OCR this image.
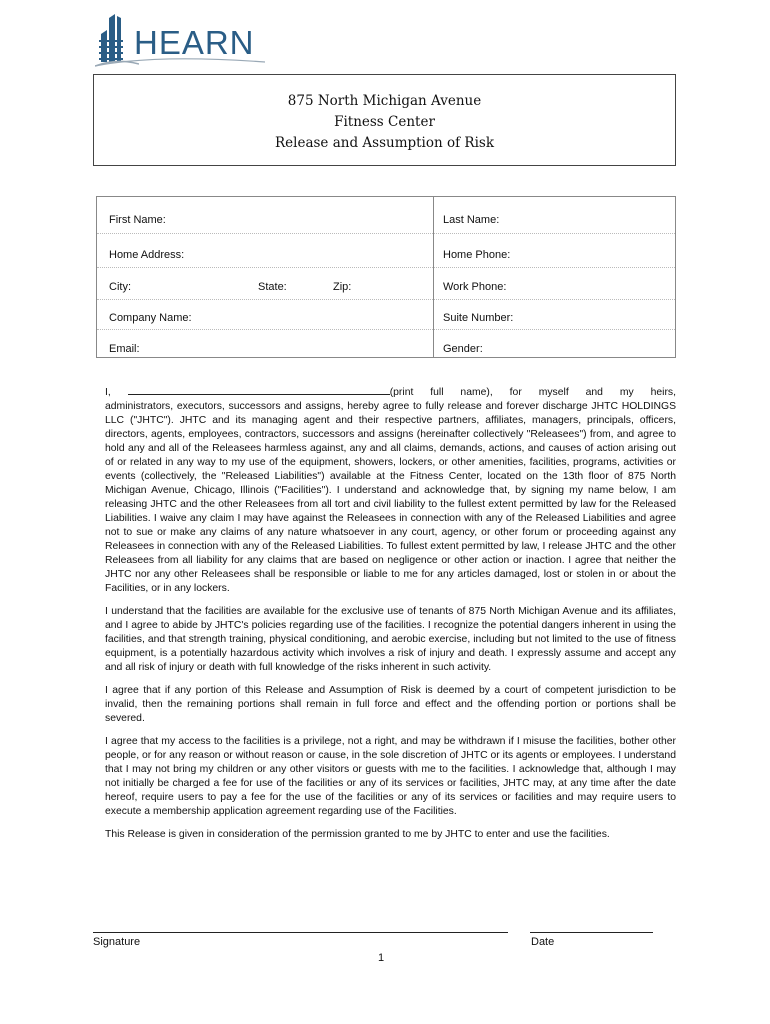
HEARN
875 North Michigan Avenue
Fitness Center
Release and Assumption of Risk
First Name:	Last Name:
Home Address:	Home Phone:
City:	State:	Zip:	Work Phone:
Company Name:	Suite Number:
Email:	Gender:

I,	(print full name), for myself and my heirs,

administrators, executors, successors and assigns, hereby agree to fully release and forever discharge JHTC HOLDINGS LLC ("JHTC"). JHTC and its managing agent and their respective partners, affiliates, managers, principals, officers, directors, agents, employees, contractors, successors and assigns (hereinafter collectively "Releasees") from, and agree to hold any and all of the Releasees harmless against, any and all claims, demands, actions, and causes of action arising out of or related in any way to my use of the equipment, showers, lockers, or other amenities, facilities, programs, activities or events (collectively, the "Released Liabilities") available at the Fitness Center, located on the 13th floor of 875 North Michigan Avenue, Chicago, Illinois ("Facilities"). I understand and acknowledge that, by signing my name below, I am releasing JHTC and the other Releasees from all tort and civil liability to the fullest extent permitted by law for the Released Liabilities. I waive any claim I may have against the Releasees in connection with any of the Released Liabilities and agree not to sue or make any claims of any nature whatsoever in any court, agency, or other forum or proceeding against any Releasees in connection with any of the Released Liabilities. To fullest extent permitted by law, I release JHTC and the other Releasees from all liability for any claims that are based on negligence or other action or inaction. I agree that neither the JHTC nor any other Releasees shall be responsible or liable to me for any articles damaged, lost or stolen in or about the Facilities, or in any lockers.

I understand that the facilities are available for the exclusive use of tenants of 875 North Michigan Avenue and its affiliates, and I agree to abide by JHTC's policies regarding use of the facilities. I recognize the potential dangers inherent in using the facilities, and that strength training, physical conditioning, and aerobic exercise, including but not limited to the use of fitness equipment, is a potentially hazardous activity which involves a risk of injury and death. I expressly assume and accept any and all risk of injury or death with full knowledge of the risks inherent in such activity.

I agree that if any portion of this Release and Assumption of Risk is deemed by a court of competent jurisdiction to be invalid, then the remaining portions shall remain in full force and effect and the offending portion or portions shall be severed.

I agree that my access to the facilities is a privilege, not a right, and may be withdrawn if I misuse the facilities, bother other people, or for any reason or without reason or cause, in the sole discretion of JHTC or its agents or employees. I understand that I may not bring my children or any other visitors or guests with me to the facilities. I acknowledge that, although I may not initially be charged a fee for use of the facilities or any of its services or facilities, JHTC may, at any time after the date hereof, require users to pay a fee for the use of the facilities or any of its services or facilities and may require users to execute a membership application agreement regarding use of the Facilities.

This Release is given in consideration of the permission granted to me by JHTC to enter and use the facilities.

Signature	Date
1
